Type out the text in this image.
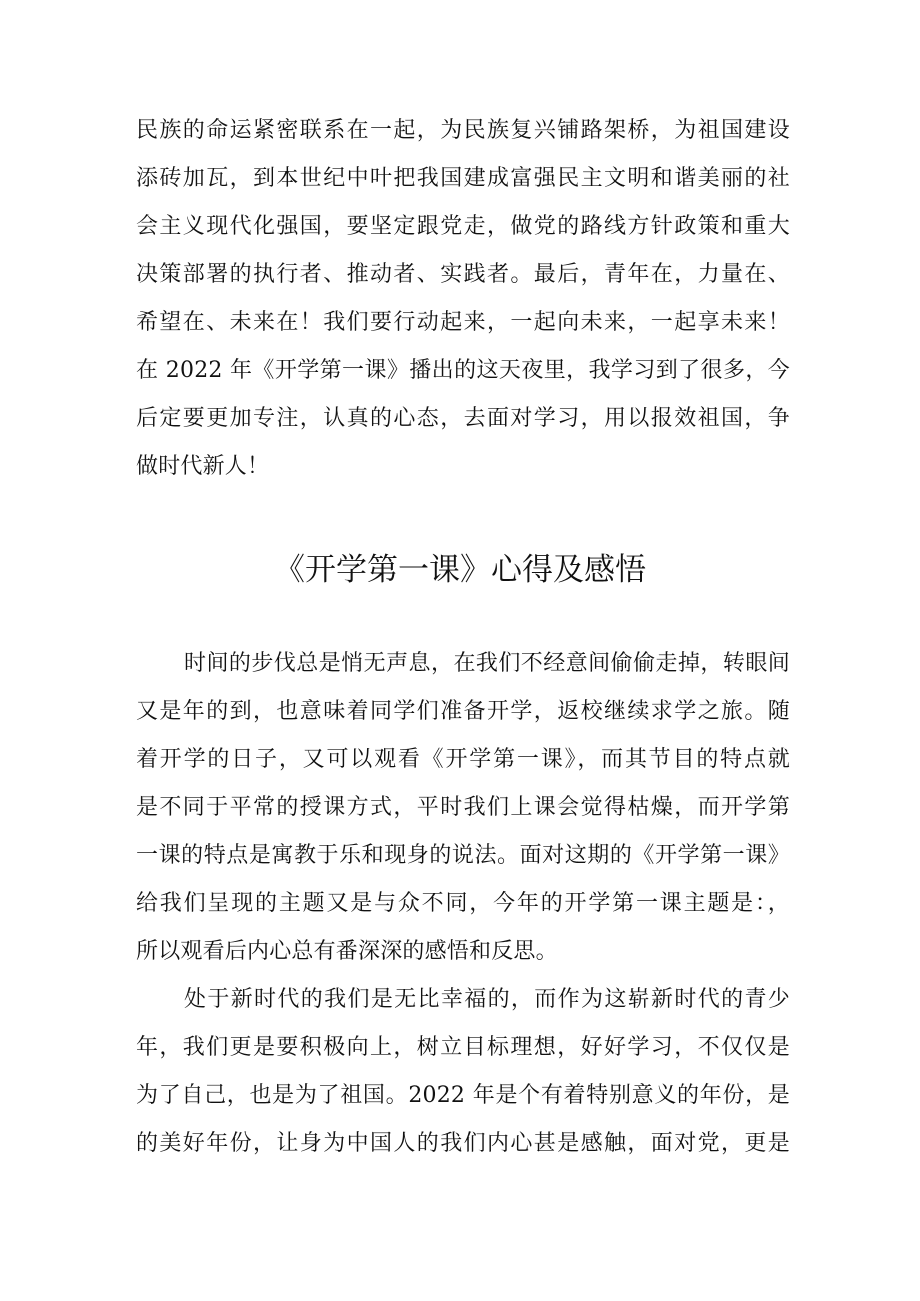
民族的命运紧密联系在一起，为民族复兴铺路架桥，为祖国建设
添砖加瓦，到本世纪中叶把我国建成富强民主文明和谐美丽的社
会主义现代化强国，要坚定跟党走，做党的路线方针政策和重大
决策部署的执行者、推动者、实践者。最后，青年在，力量在、
希望在、未来在！我们要行动起来，一起向未来，一起享未来！
在 2022 年《开学第一课》播出的这天夜里，我学习到了很多，今
后定要更加专注，认真的心态，去面对学习，用以报效祖国，争
做时代新人！
《开学第一课》心得及感悟
时间的步伐总是悄无声息，在我们不经意间偷偷走掉，转眼间
又是年的到，也意味着同学们准备开学，返校继续求学之旅。随
着开学的日子，又可以观看《开学第一课》，而其节目的特点就
是不同于平常的授课方式，平时我们上课会觉得枯燥，而开学第
一课的特点是寓教于乐和现身的说法。面对这期的《开学第一课》
给我们呈现的主题又是与众不同，今年的开学第一课主题是：，
所以观看后内心总有番深深的感悟和反思。
处于新时代的我们是无比幸福的，而作为这崭新时代的青少
年，我们更是要积极向上，树立目标理想，好好学习，不仅仅是
为了自己，也是为了祖国。2022 年是个有着特别意义的年份，是
的美好年份，让身为中国人的我们内心甚是感触，面对党，更是
